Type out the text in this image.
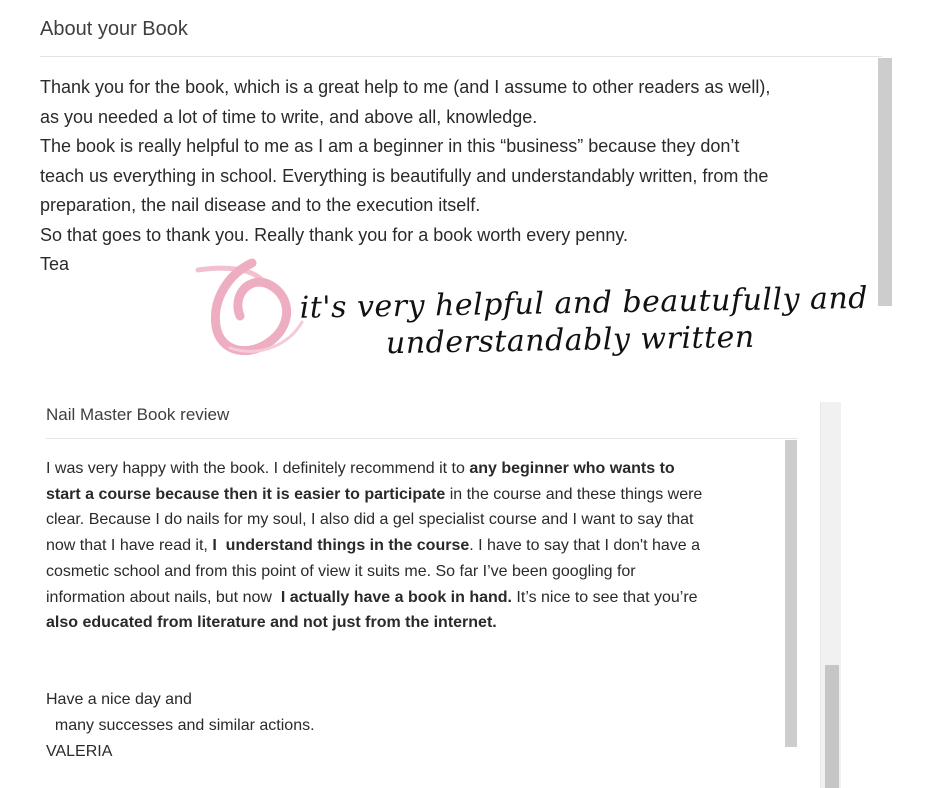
About your Book
Thank you for the book, which is a great help to me (and I assume to other readers as well),
as you needed a lot of time to write, and above all, knowledge.
The book is really helpful to me as I am a beginner in this “business” because they don’t
teach us everything in school. Everything is beautifully and understandably written, from the
preparation, the nail disease and to the execution itself.
So that goes to thank you. Really thank you for a book worth every penny.
Tea
it's very helpful and beautufully and
understandably written
Nail Master Book review
I was very happy with the book. I definitely recommend it to any beginner who wants to
start a course because then it is easier to participate in the course and these things were
clear. Because I do nails for my soul, I also did a gel specialist course and I want to say that
now that I have read it, I  understand things in the course. I have to say that I don't have a
cosmetic school and from this point of view it suits me. So far I’ve been googling for
information about nails, but now  I actually have a book in hand. It’s nice to see that you’re
also educated from literature and not just from the internet.

Have a nice day and
many successes and similar actions.
VALERIA
